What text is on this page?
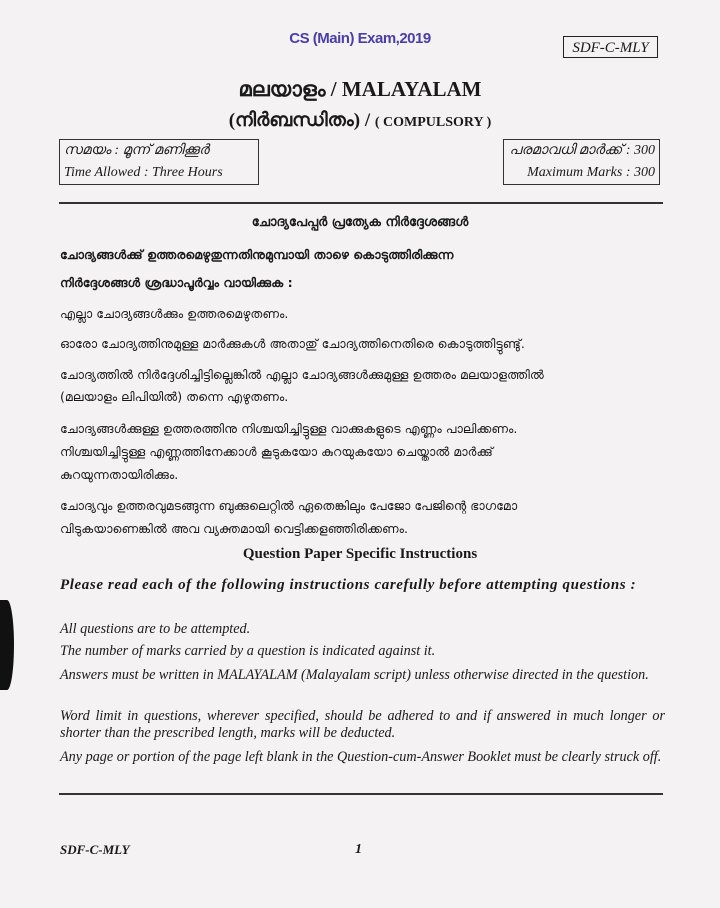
CS (Main) Exam,2019
SDF-C-MLY
മലയാളം / MALAYALAM
(നിർബന്ധിതം) / ( COMPULSORY )
സമയം : മൂന്ന് മണിക്കൂർ
Time Allowed : Three Hours
പരമാവധി മാർക്ക് : 300
Maximum Marks : 300
ചോദ്യപേപ്പർ പ്രത്യേക നിർദ്ദേശങ്ങൾ
ചോദ്യങ്ങൾക്കു് ഉത്തരമെഴുതുന്നതിനുമുമ്പായി താഴെ കൊടുത്തിരിക്കുന്ന
നിർദ്ദേശങ്ങൾ ശ്രദ്ധാപൂർവ്വം വായിക്കുക :
എല്ലാ ചോദ്യങ്ങൾക്കും ഉത്തരമെഴുതണം.
ഓരോ ചോദ്യത്തിനുമുള്ള മാർക്കുകൾ അതാതു് ചോദ്യത്തിനെതിരെ കൊടുത്തിട്ടുണ്ടു്.
ചോദ്യത്തിൽ നിർദ്ദേശിച്ചിട്ടില്ലെങ്കിൽ എല്ലാ ചോദ്യങ്ങൾക്കുമുള്ള ഉത്തരം മലയാളത്തിൽ
(മലയാളം ലിപിയിൽ) തന്നെ എഴുതണം.
ചോദ്യങ്ങൾക്കുള്ള ഉത്തരത്തിനു നിശ്ചയിച്ചിട്ടുള്ള വാക്കുകളുടെ എണ്ണം പാലിക്കണം.
നിശ്ചയിച്ചിട്ടുള്ള എണ്ണത്തിനേക്കാൾ കൂടുകയോ കുറയുകയോ ചെയ്താൽ മാർക്കു്
കുറയുന്നതായിരിക്കും.
ചോദ്യവും ഉത്തരവുമടങ്ങുന്ന ബുക്കുലെറ്റിൽ ഏതെങ്കിലും പേജോ പേജിന്റെ ഭാഗമോ
വിടുകയാണെങ്കിൽ അവ വ്യക്തമായി വെട്ടിക്കളഞ്ഞിരിക്കണം.
Question Paper Specific Instructions
Please read each of the following instructions carefully before attempting questions :
All questions are to be attempted.
The number of marks carried by a question is indicated against it.
Answers must be written in MALAYALAM (Malayalam script) unless otherwise directed in the question.
Word limit in questions, wherever specified, should be adhered to and if answered in much longer or shorter than the prescribed length, marks will be deducted.
Any page or portion of the page left blank in the Question-cum-Answer Booklet must be clearly struck off.
SDF-C-MLY	1
